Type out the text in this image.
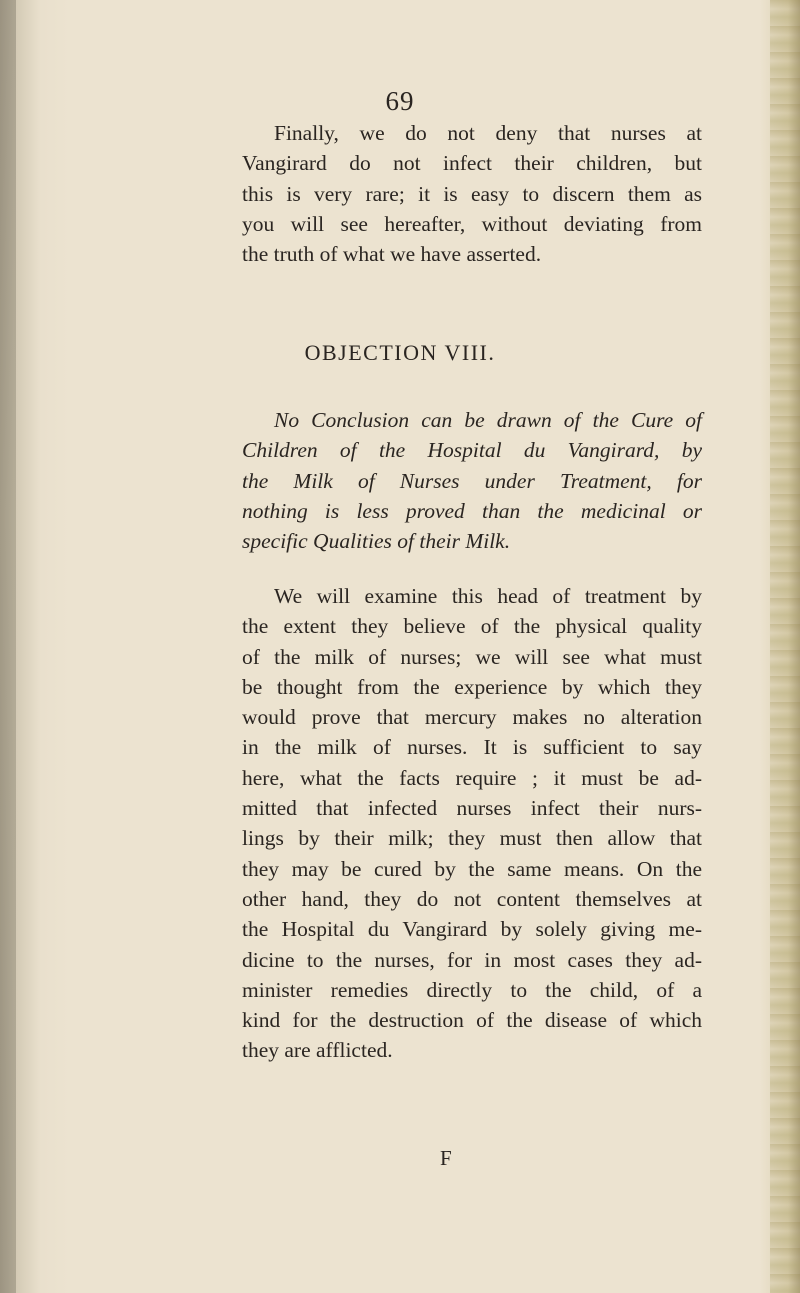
69
Finally, we do not deny that nurses at
Vangirard do not infect their children, but
this is very rare; it is easy to discern them as
you will see hereafter, without deviating from
the truth of what we have asserted.
OBJECTION VIII.
No Conclusion can be drawn of the Cure of
Children of the Hospital du Vangirard, by
the Milk of Nurses under Treatment, for
nothing is less proved than the medicinal or
specific Qualities of their Milk.
We will examine this head of treatment by
the extent they believe of the physical quality
of the milk of nurses; we will see what must
be thought from the experience by which they
would prove that mercury makes no alteration
in the milk of nurses. It is sufficient to say
here, what the facts require ; it must be ad-
mitted that infected nurses infect their nurs-
lings by their milk; they must then allow that
they may be cured by the same means. On the
other hand, they do not content themselves at
the Hospital du Vangirard by solely giving me-
dicine to the nurses, for in most cases they ad-
minister remedies directly to the child, of a
kind for the destruction of the disease of which
they are afflicted.
F
